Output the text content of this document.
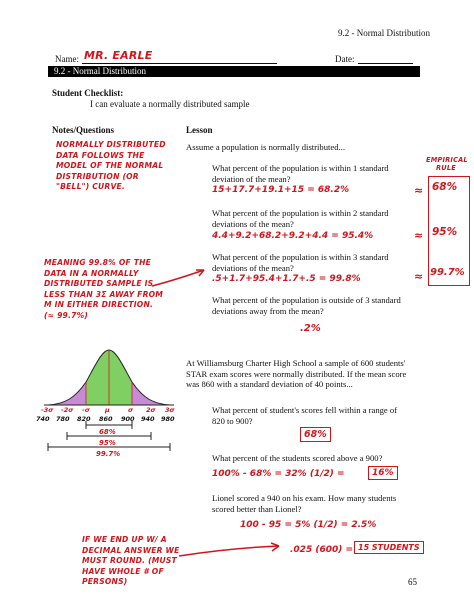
9.2 - Normal Distribution
Name: MR. EARLE	Date:
9.2 - Normal Distribution
Student Checklist:
I can evaluate a normally distributed sample
Notes/Questions	Lesson
Assume a population is normally distributed...
What percent of the population is within 1 standard deviation of the mean?
15+17.7+19.1+15 = 68.2%
What percent of the population is within 2 standard deviations of the mean?
4.4+9.2+68.2+9.2+4.4 = 95.4%
What percent of the population is within 3 standard deviations of the mean?
.5+1.7+95.4+1.7+.5 = 99.8%
What percent of the population is outside of 3 standard deviations away from the mean?
.2%
EMPIRICAL RULE
≈ 68%
≈ 95%
≈ 99.7%
NORMALLY DISTRIBUTED DATA FOLLOWS THE MODEL OF THE NORMAL DISTRIBUTION (OR "BELL") CURVE.
MEANING 99.8% OF THE DATA IN A NORMALLY DISTRIBUTED SAMPLE IS LESS THAN 3Σ AWAY FROM Μ IN EITHER DIRECTION. (≈ 99.7%)
-3σ -2σ -σ μ	σ 2σ 3σ
740 780 820 860 900 940 980
68%
95%
99.7%
At Williamsburg Charter High School a sample of 600 students' STAR exam scores were normally distributed. If the mean score was 860 with a standard deviation of 40 points...
What percent of student's scores fell within a range of 820 to 900?
68%
What percent of the students scored above a 900?
100% - 68% = 32% (1/2) =	16%
Lionel scored a 940 on his exam. How many students scored better than Lionel?
100 - 95 = 5% (1/2) = 2.5%
.025 (600) = 15 STUDENTS
IF WE END UP W/ A DECIMAL ANSWER WE MUST ROUND. (MUST HAVE WHOLE # OF PERSONS)	65
